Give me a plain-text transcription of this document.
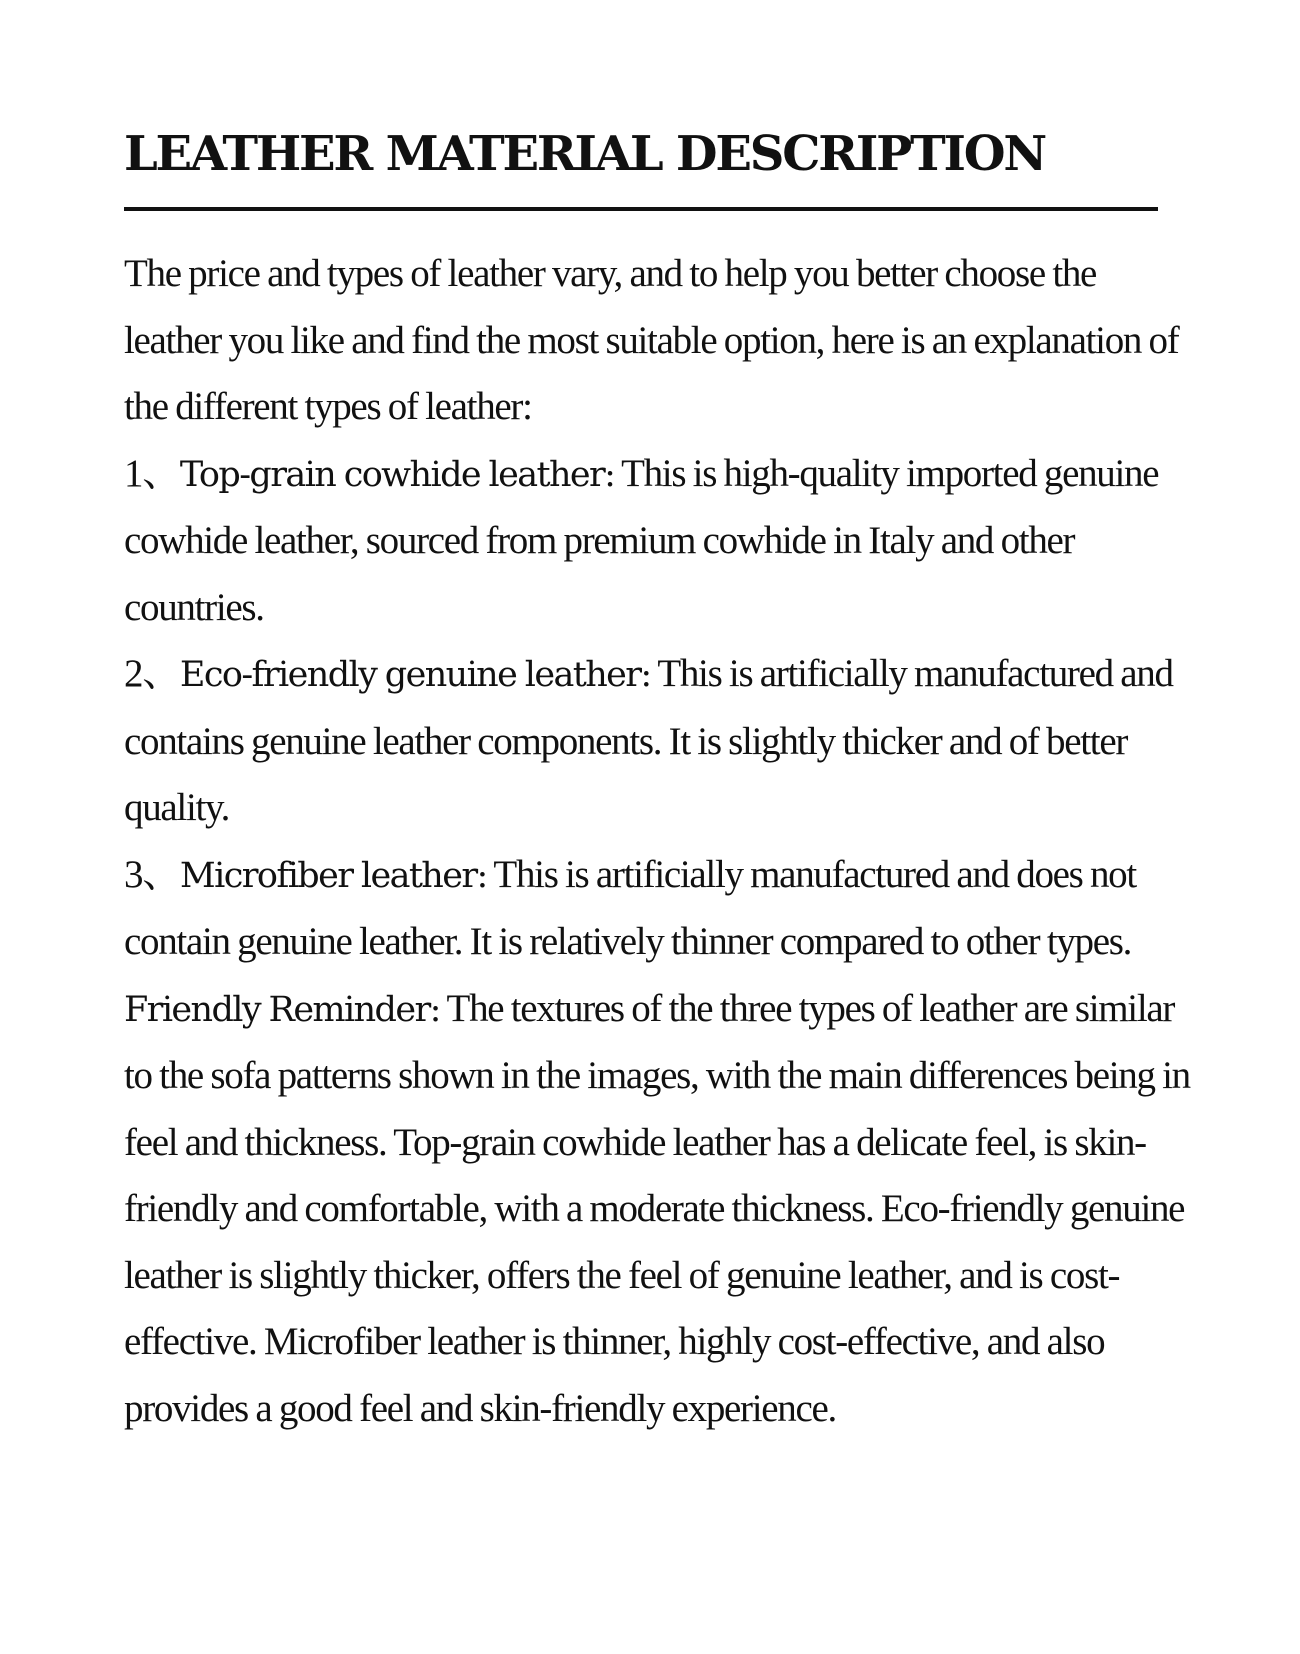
LEATHER MATERIAL DESCRIPTION

The price and types of leather vary, and to help you better choose the leather you like and find the most suitable option, here is an explanation of the different types of leather:

1、Top-grain cowhide leather: This is high-quality imported genuine cowhide leather, sourced from premium cowhide in Italy and other countries.

2、Eco-friendly genuine leather: This is artificially manufactured and contains genuine leather components. It is slightly thicker and of better quality.

3、Microfiber leather: This is artificially manufactured and does not contain genuine leather. It is relatively thinner compared to other types.

Friendly Reminder: The textures of the three types of leather are similar to the sofa patterns shown in the images, with the main differences being in feel and thickness. Top-grain cowhide leather has a delicate feel, is skin-friendly and comfortable, with a moderate thickness. Eco-friendly genuine leather is slightly thicker, offers the feel of genuine leather, and is cost-effective. Microfiber leather is thinner, highly cost-effective, and also provides a good feel and skin-friendly experience.
